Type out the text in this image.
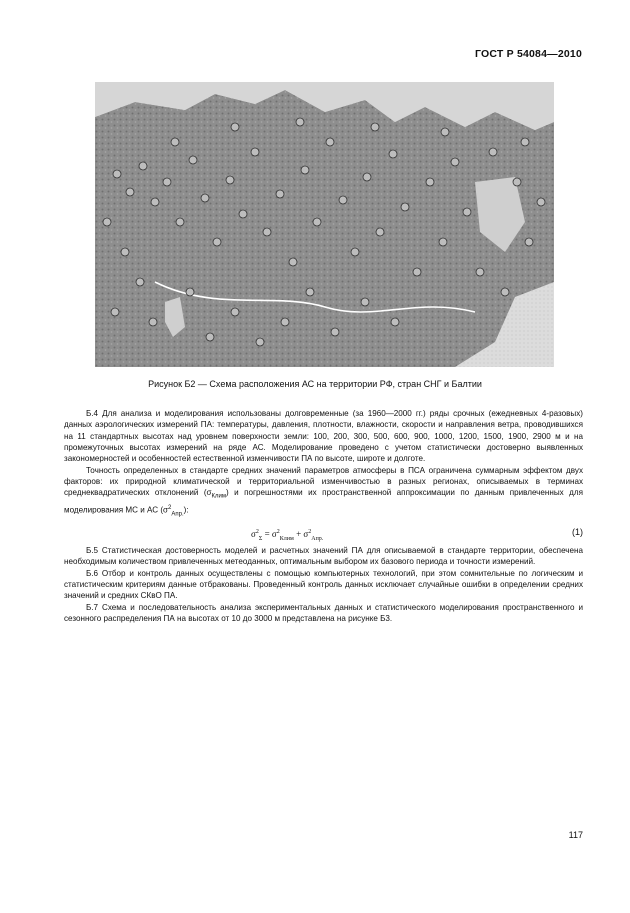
ГОСТ Р 54084—2010
Рисунок Б2 — Схема расположения АС на территории РФ, стран СНГ и Балтии

Б.4 Для анализа и моделирования использованы долговременные (за 1960—2000 гг.) ряды срочных (ежедневных 4-разовых) данных аэрологических измерений ПА: температуры, давления, плотности, влажности, скорости и направления ветра, проводившихся на 11 стандартных высотах над уровнем поверхности земли: 100, 200, 300, 500, 600, 900, 1000, 1200, 1500, 1900, 2900 м и на промежуточных высотах измерений на ряде АС. Моделирование проведено с учетом статистически достоверно выявленных закономерностей и особенностей естественной изменчивости ПА по высоте, широте и долготе.

Точность определенных в стандарте средних значений параметров атмосферы в ПСА ограничена суммарным эффектом двух факторов: их природной климатической и территориальной изменчивостью в разных регионах, описываемых в терминах среднеквадратических отклонений $(\sigma_{Клим})$ и погрешностями их пространственной аппроксимации по данным привлеченных для моделирования МС и АС $(\sigma^2_{Апр.})$:

$\sigma^2_\Sigma = \sigma^2_{Клим} + \sigma^2_{Апр.}$
(1)

Б.5 Статистическая достоверность моделей и расчетных значений ПА для описываемой в стандарте территории, обеспечена необходимым количеством привлеченных метеоданных, оптимальным выбором их базового периода и точности измерений.

Б.6 Отбор и контроль данных осуществлены с помощью компьютерных технологий, при этом сомнительные по логическим и статистическим критериям данные отбракованы. Проведенный контроль данных исключает случайные ошибки в определении средних значений и средних СКвО ПА.

Б.7 Схема и последовательность анализа экспериментальных данных и статистического моделирования пространственного и сезонного распределения ПА на высотах от 10 до 3000 м представлена на рисунке Б3.

117
